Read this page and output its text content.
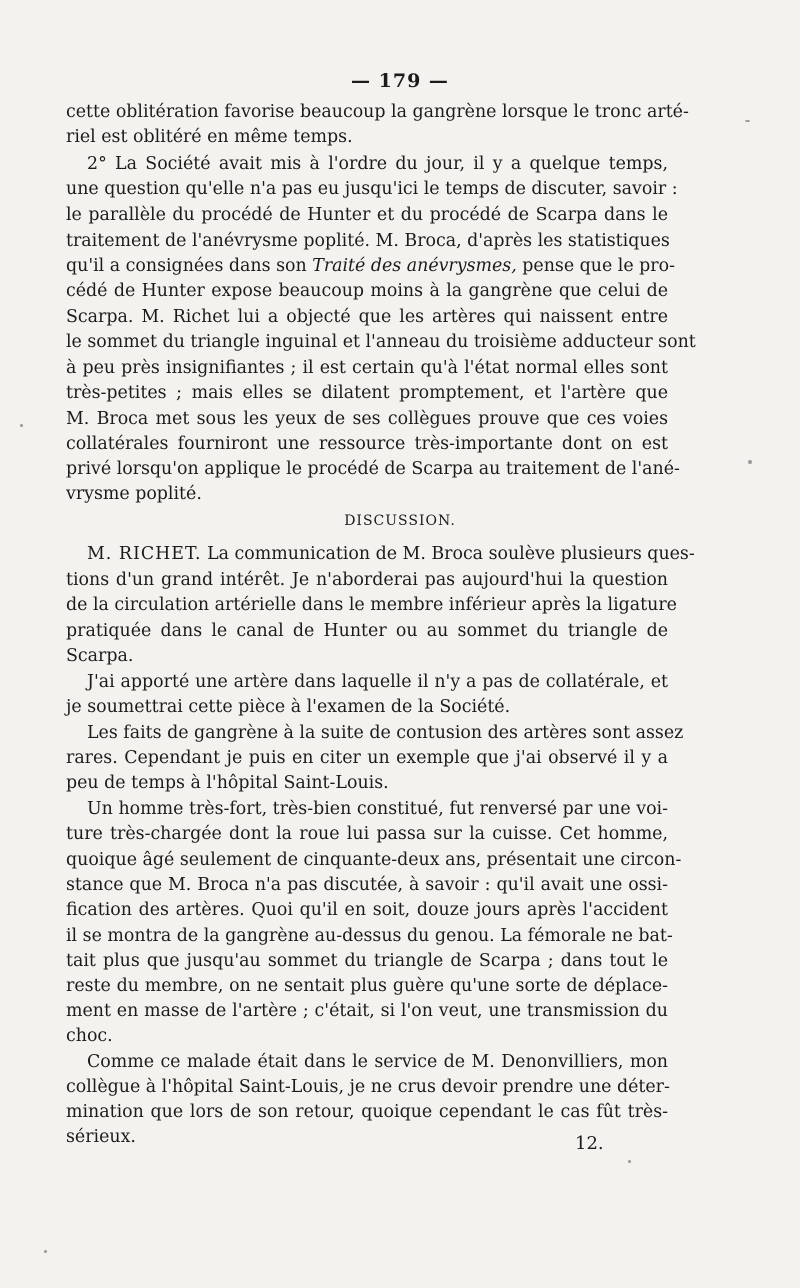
— 179 —
cette oblitération favorise beaucoup la gangrène lorsque le tronc arté-
riel est oblitéré en même temps.
2° La Société avait mis à l'ordre du jour, il y a quelque temps,
une question qu'elle n'a pas eu jusqu'ici le temps de discuter, savoir :
le parallèle du procédé de Hunter et du procédé de Scarpa dans le
traitement de l'anévrysme poplité. M. Broca, d'après les statistiques
qu'il a consignées dans son Traité des anévrysmes, pense que le pro-
cédé de Hunter expose beaucoup moins à la gangrène que celui de
Scarpa. M. Richet lui a objecté que les artères qui naissent entre
le sommet du triangle inguinal et l'anneau du troisième adducteur sont
à peu près insignifiantes ; il est certain qu'à l'état normal elles sont
très-petites ; mais elles se dilatent promptement, et l'artère que
M. Broca met sous les yeux de ses collègues prouve que ces voies
collatérales fourniront une ressource très-importante dont on est
privé lorsqu'on applique le procédé de Scarpa au traitement de l'ané-
vrysme poplité.
DISCUSSION.
M. RICHET. La communication de M. Broca soulève plusieurs ques-
tions d'un grand intérêt. Je n'aborderai pas aujourd'hui la question
de la circulation artérielle dans le membre inférieur après la ligature
pratiquée dans le canal de Hunter ou au sommet du triangle de
Scarpa.
J'ai apporté une artère dans laquelle il n'y a pas de collatérale, et
je soumettrai cette pièce à l'examen de la Société.
Les faits de gangrène à la suite de contusion des artères sont assez
rares. Cependant je puis en citer un exemple que j'ai observé il y a
peu de temps à l'hôpital Saint-Louis.
Un homme très-fort, très-bien constitué, fut renversé par une voi-
ture très-chargée dont la roue lui passa sur la cuisse. Cet homme,
quoique âgé seulement de cinquante-deux ans, présentait une circon-
stance que M. Broca n'a pas discutée, à savoir : qu'il avait une ossi-
fication des artères. Quoi qu'il en soit, douze jours après l'accident
il se montra de la gangrène au-dessus du genou. La fémorale ne bat-
tait plus que jusqu'au sommet du triangle de Scarpa ; dans tout le
reste du membre, on ne sentait plus guère qu'une sorte de déplace-
ment en masse de l'artère ; c'était, si l'on veut, une transmission du
choc.
Comme ce malade était dans le service de M. Denonvilliers, mon
collègue à l'hôpital Saint-Louis, je ne crus devoir prendre une déter-
mination que lors de son retour, quoique cependant le cas fût très-
sérieux.	12.
